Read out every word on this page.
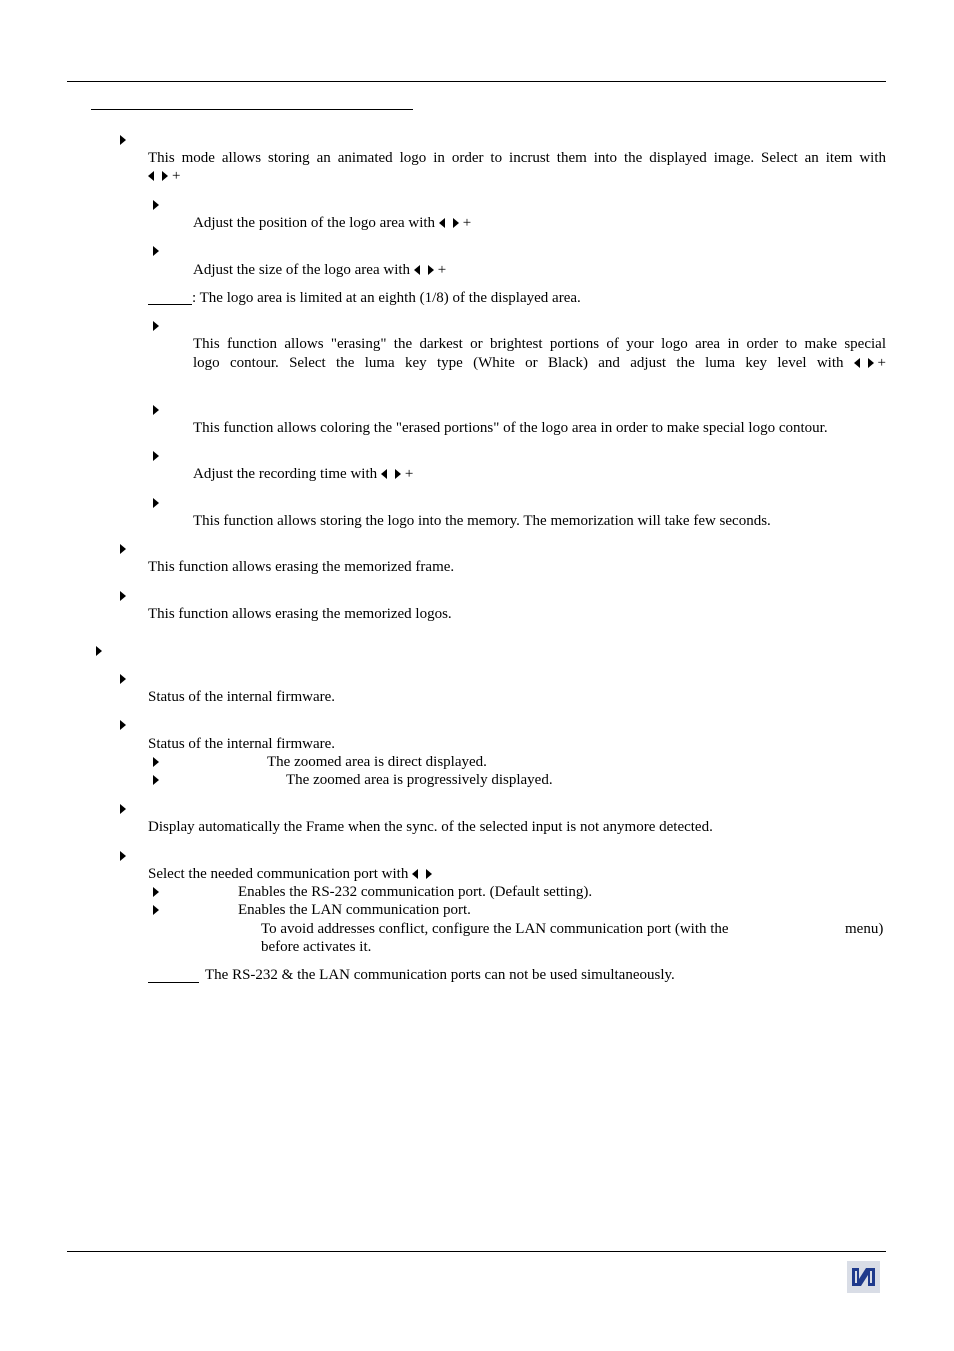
This mode allows storing an animated logo in order to incrust them into the displayed image. Select an item with
+
Adjust the position of the logo area with +
Adjust the size of the logo area with +
: The logo area is limited at an eighth (1/8) of the displayed area.
This function allows "erasing" the darkest or brightest portions of your logo area in order to make special
logo contour. Select the luma key type (White or Black) and adjust the luma key level with	+
This function allows coloring the "erased portions" of the logo area in order to make special logo contour.
Adjust the recording time with +
This function allows storing the logo into the memory. The memorization will take few seconds.
This function allows erasing the memorized frame.
This function allows erasing the memorized logos.
Status of the internal firmware.
Status of the internal firmware.
The zoomed area is direct displayed.
The zoomed area is progressively displayed.
Display automatically the Frame when the sync. of the selected input is not anymore detected.
Select the needed communication port with
Enables the RS-232 communication port. (Default setting).
Enables the LAN communication port.
To avoid addresses conflict, configure the LAN communication port (with the	menu)
before activates it.
The RS-232 & the LAN communication ports can not be used simultaneously.
